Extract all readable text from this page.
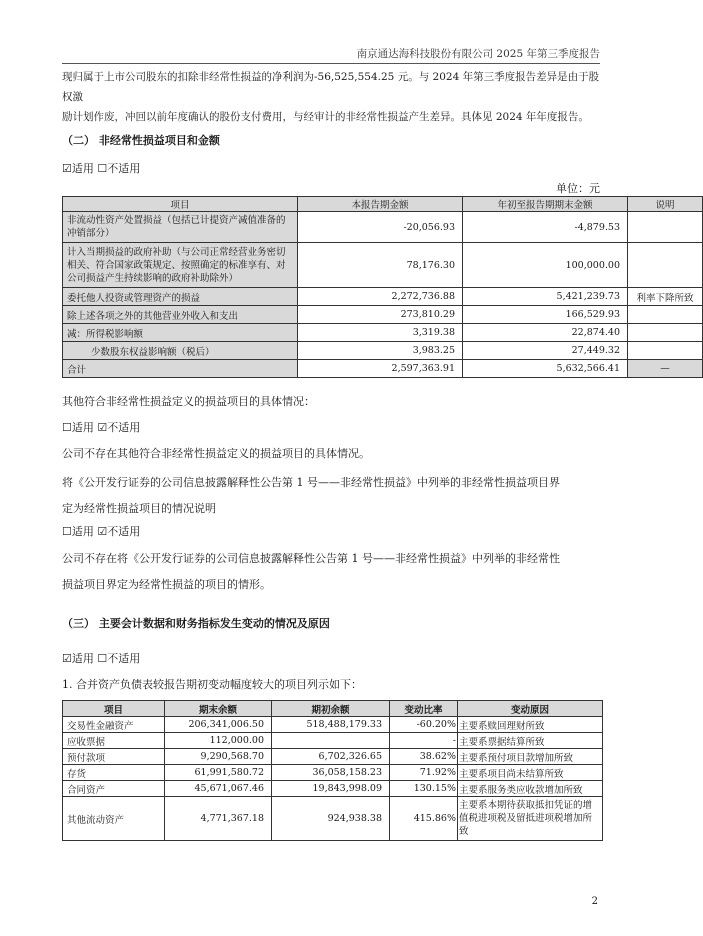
南京通达海科技股份有限公司 2025 年第三季度报告
现归属于上市公司股东的扣除非经常性损益的净利润为-56,525,554.25 元。与 2024 年第三季度报告差异是由于股权激
励计划作废，冲回以前年度确认的股份支付费用，与经审计的非经常性损益产生差异。具体见 2024 年年度报告。
（二） 非经常性损益项目和金额
☑适用 ☐不适用
单位：元
项目	本报告期金额	年初至报告期期末金额	说明
非流动性资产处置损益（包括已计提资产减值准备的冲销部分）	-20,056.93	-4,879.53	
计入当期损益的政府补助（与公司正常经营业务密切相关、符合国家政策规定、按照确定的标准享有、对公司损益产生持续影响的政府补助除外）	78,176.30	100,000.00	
委托他人投资或管理资产的损益	2,272,736.88	5,421,239.73	利率下降所致
除上述各项之外的其他营业外收入和支出	273,810.29	166,529.93	
减：所得税影响额	3,319.38	22,874.40	
少数股东权益影响额（税后）	3,983.25	27,449.32	
合计	2,597,363.91	5,632,566.41	—
其他符合非经常性损益定义的损益项目的具体情况：
☐适用 ☑不适用
公司不存在其他符合非经常性损益定义的损益项目的具体情况。
将《公开发行证券的公司信息披露解释性公告第 1 号——非经常性损益》中列举的非经常性损益项目界
定为经常性损益项目的情况说明
☐适用 ☑不适用
公司不存在将《公开发行证券的公司信息披露解释性公告第 1 号——非经常性损益》中列举的非经常性
损益项目界定为经常性损益的项目的情形。
（三） 主要会计数据和财务指标发生变动的情况及原因
☑适用 ☐不适用
1. 合并资产负债表较报告期初变动幅度较大的项目列示如下：
项目	期末余额	期初余额	变动比率	变动原因
交易性金融资产	206,341,006.50	518,488,179.33	-60.20%	主要系赎回理财所致
应收票据	112,000.00		-	主要系票据结算所致
预付款项	9,290,568.70	6,702,326.65	38.62%	主要系预付项目款增加所致
存货	61,991,580.72	36,058,158.23	71.92%	主要系项目尚未结算所致
合同资产	45,671,067.46	19,843,998.09	130.15%	主要系服务类应收款增加所致
其他流动资产	4,771,367.18	924,938.38	415.86%	主要系本期待获取抵扣凭证的增值税进项税及留抵进项税增加所致
2
